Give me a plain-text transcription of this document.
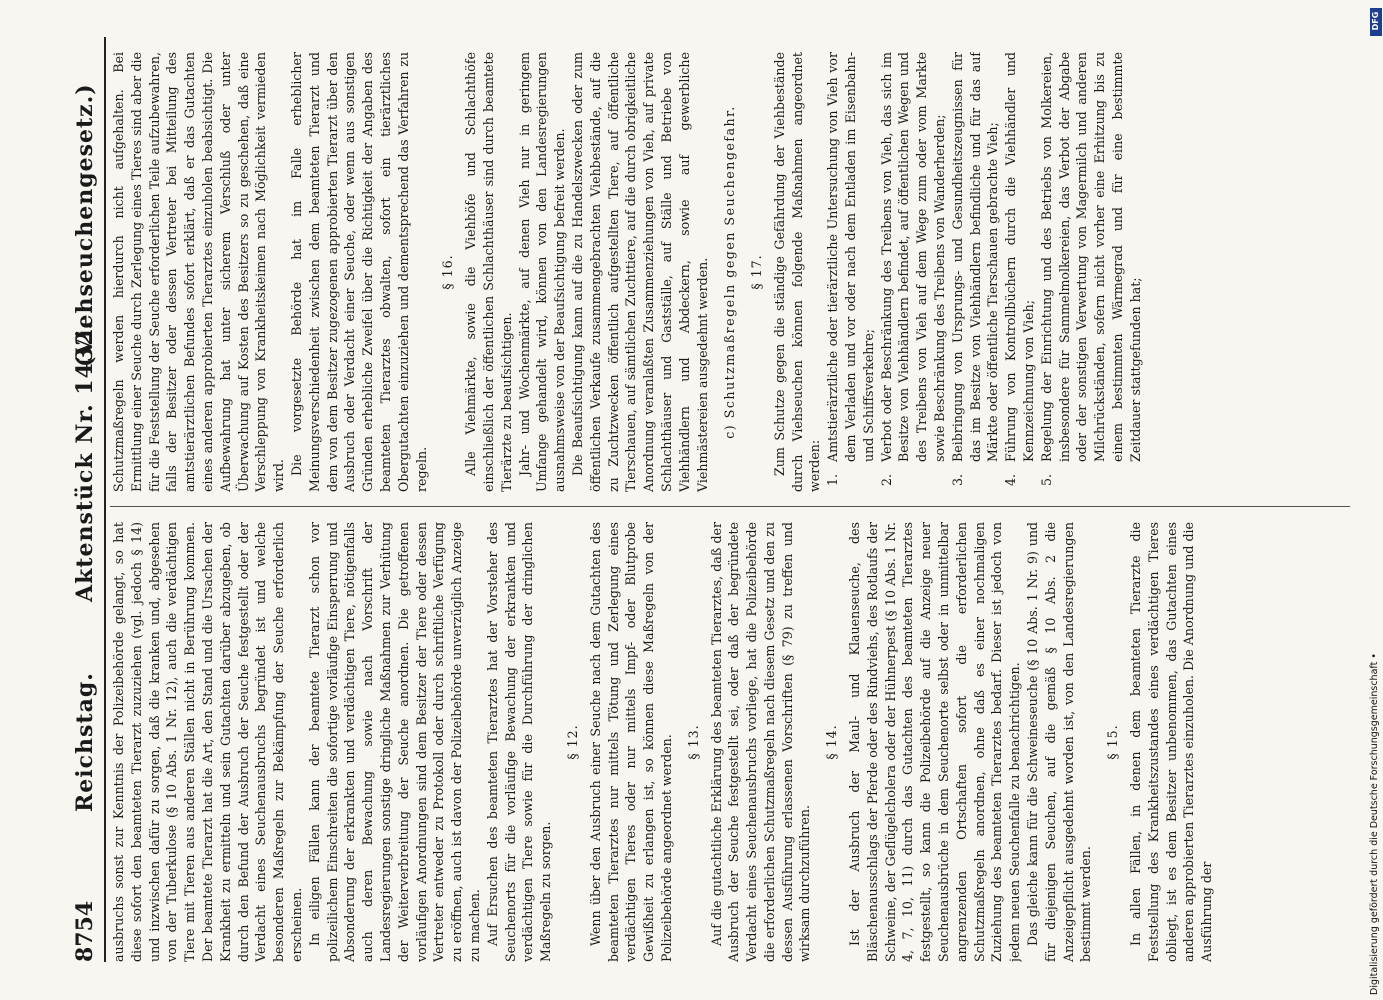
8754
Reichstag.
Aktenstück Nr. 1432.
(Viehseuchengesetz.)

ausbruchs sonst zur Kenntnis der Polizeibehörde gelangt, so hat diese sofort den beamteten Tierarzt zuzuziehen (vgl. jedoch § 14) und inzwischen dafür zu sorgen, daß die kranken und, abgesehen von der Tuberkulose (§ 10 Abs. 1 Nr. 12), auch die verdächtigen Tiere mit Tieren aus anderen Ställen nicht in Berührung kommen. Der beamtete Tierarzt hat die Art, den Stand und die Ursachen der Krankheit zu ermitteln und sein Gutachten darüber abzugeben, ob durch den Befund der Ausbruch der Seuche festgestellt oder der Verdacht eines Seuchenausbruchs begründet ist und welche besonderen Maßregeln zur Bekämpfung der Seuche erforderlich erscheinen. In eiligen Fällen kann der beamtete Tierarzt schon vor polizeilichem Einschreiten die sofortige vorläufige Einsperrung und Absonderung der erkrankten und verdächtigen Tiere, nötigenfalls auch deren Bewachung sowie nach Vorschrift der Landesregierungen sonstige dringliche Maßnahmen zur Verhütung der Weiterverbreitung der Seuche anordnen. Die getroffenen vorläufigen Anordnungen sind dem Besitzer der Tiere oder dessen Vertreter entweder zu Protokoll oder durch schriftliche Verfügung zu eröffnen, auch ist davon der Polizeibehörde unverzüglich Anzeige zu machen. Auf Ersuchen des beamteten Tierarztes hat der Vorsteher des Seuchenorts für die vorläufige Bewachung der erkrankten und verdächtigen Tiere sowie für die Durchführung der dringlichen Maßregeln zu sorgen.

§ 12. Wenn über den Ausbruch einer Seuche nach dem Gutachten des beamteten Tierarztes nur mittels Tötung und Zerlegung eines verdächtigen Tieres oder nur mittels Impf- oder Blutprobe Gewißheit zu erlangen ist, so können diese Maßregeln von der Polizeibehörde angeordnet werden. § 13. Auf die gutachtliche Erklärung des beamteten Tierarztes, daß der Ausbruch der Seuche festgestellt sei, oder daß der begründete Verdacht eines Seuchenausbruchs vorliege, hat die Polizeibehörde die erforderlichen Schutzmaßregeln nach diesem Gesetz und den zu dessen Ausführung erlassenen Vorschriften (§ 79) zu treffen und wirksam durchzuführen.

§ 14. Ist der Ausbruch der Maul- und Klauenseuche, des Bläschenausschlags der Pferde oder des Rindviehs, des Rotlaufs der Schweine, der Geflügelcholera oder der Hühnerpest (§ 10 Abs. 1 Nr. 4, 7, 10, 11) durch das Gutachten des beamteten Tierarztes festgestellt, so kann die Polizeibehörde auf die Anzeige neuer Seuchenausbrüche in dem Seuchenorte selbst oder in unmittelbar angrenzenden Ortschaften sofort die erforderlichen Schutzmaßregeln anordnen, ohne daß es einer nochmaligen Zuziehung des beamteten Tierarztes bedarf. Dieser ist jedoch von jedem neuen Seuchenfalle zu benachrichtigen. Das gleiche kann für die Schweineseuche (§ 10 Abs. 1 Nr. 9) und für diejenigen Seuchen, auf die gemäß § 10 Abs. 2 die Anzeigepflicht ausgedehnt worden ist, von den Landesregierungen bestimmt werden.

§ 15. In allen Fällen, in denen dem beamteten Tierarzte die Feststellung des Krankheitszustandes eines verdächtigen Tieres obliegt, ist es dem Besitzer unbenommen, das Gutachten eines anderen approbierten Tierarztes einzuholen. Die Anordnung und die Ausführung der

Schutzmaßregeln werden hierdurch nicht aufgehalten. Bei Ermittlung einer Seuche durch Zerlegung eines Tieres sind aber die für die Feststellung der Seuche erforderlichen Teile aufzubewahren, falls der Besitzer oder dessen Vertreter bei Mitteilung des amtstierärztlichen Befundes sofort erklärt, daß er das Gutachten eines anderen approbierten Tierarztes einzuholen beabsichtigt. Die Aufbewahrung hat unter sicherem Verschluß oder unter Überwachung auf Kosten des Besitzers so zu geschehen, daß eine Verschleppung von Krankheitskeimen nach Möglichkeit vermieden wird. Die vorgesetzte Behörde hat im Falle erheblicher Meinungsverschiedenheit zwischen dem beamteten Tierarzt und dem von dem Besitzer zugezogenen approbierten Tierarzt über den Ausbruch oder Verdacht einer Seuche, oder wenn aus sonstigen Gründen erhebliche Zweifel über die Richtigkeit der Angaben des beamteten Tierarztes obwalten, sofort ein tierärztliches Obergutachten einzuziehen und dementsprechend das Verfahren zu regeln.

§ 16. Alle Viehmärkte, sowie die Viehhöfe und Schlachthöfe einschließlich der öffentlichen Schlachthäuser sind durch beamtete Tierärzte zu beaufsichtigen. Jahr- und Wochenmärkte, auf denen Vieh nur in geringem Umfange gehandelt wird, können von den Landesregierungen ausnahmsweise von der Beaufsichtigung befreit werden. Die Beaufsichtigung kann auf die zu Handelszwecken oder zum öffentlichen Verkaufe zusammengebrachten Viehbestände, auf die zu Zuchtzwecken öffentlich aufgestellten Tiere, auf öffentliche Tierschauen, auf sämtlichen Zuchttiere, auf die durch obrigkeitliche Anordnung veranlaßten Zusammenziehungen von Vieh, auf private Schlachthäuser und Gastställe, auf Ställe und Betriebe von Viehhändlern und Abdeckern, sowie auf gewerbliche Viehmästereien ausgedehnt werden. c) Schutzmaßregeln gegen Seuchengefahr. § 17. Zum Schutze gegen die ständige Gefährdung der Viehbestände durch Viehseuchen können folgende Maßnahmen angeordnet werden: 1.
Amtstierärztliche oder tierärztliche Untersuchung von Vieh vor dem Verladen und vor oder nach dem Entladen im Eisenbahn- und Schiffsverkehre;
2.
Verbot oder Beschränkung des Treibens von Vieh, das sich im Besitze von Viehhändlern befindet, auf öffentlichen Wegen und des Treibens von Vieh auf dem Wege zum oder vom Markte sowie Beschränkung des Treibens von Wanderherden;
3.
Beibringung von Ursprungs- und Gesundheitszeugnissen für das im Besitze von Viehhändlern befindliche und für das auf Märkte oder öffentliche Tierschauen gebrachte Vieh;
4.
Führung von Kontrollbüchern durch die Viehhändler und Kennzeichnung von Vieh;
5.
Regelung der Einrichtung und des Betriebs von Molkereien, insbesondere für Sammelmolkereien, das Verbot der Abgabe oder der sonstigen Verwertung von Magermilch und anderen Milchrückständen, sofern nicht vorher eine Erhitzung bis zu einem bestimmten Wärmegrad und für eine bestimmte Zeitdauer stattgefunden hat;
Digitalisierung gefördert durch die Deutsche Forschungsgemeinschaft •
DFG
